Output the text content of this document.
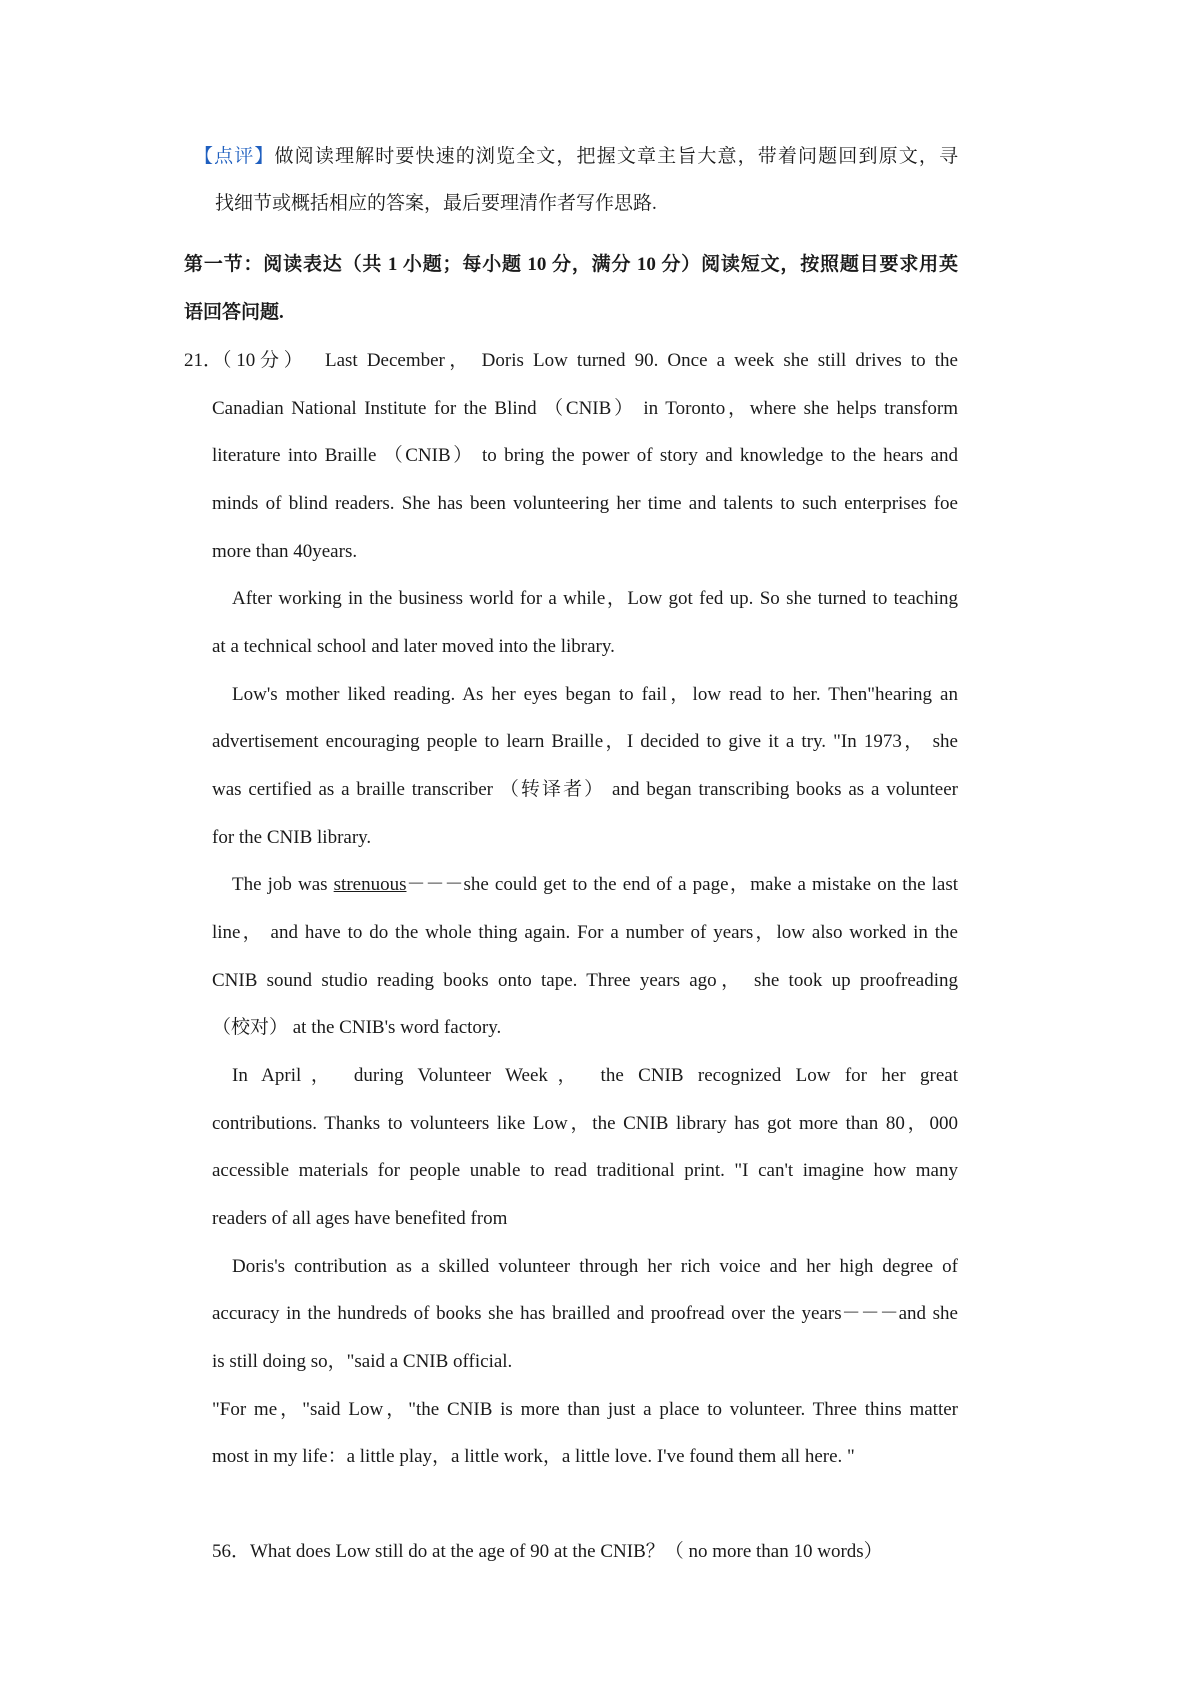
【点评】做阅读理解时要快速的浏览全文，把握文章主旨大意，带着问题回到原文，寻
找细节或概括相应的答案，最后要理清作者写作思路.
第一节：阅读表达（共 1 小题；每小题 10 分，满分 10 分）阅读短文，按照题目要求用英
语回答问题.
21．（ 10 分 ） Last December， Doris Low turned 90. Once a week she still drives to the
Canadian National Institute for the Blind （CNIB） in Toronto，where she helps transform
literature into Braille （CNIB） to bring the power of story and knowledge to the hears and
minds of blind readers. She has been volunteering her time and talents to such enterprises foe
more than 40years.
After working in the business world for a while，Low got fed up. So she turned to teaching
at a technical school and later moved into the library.
Low's mother liked reading. As her eyes began to fail，low read to her. Then"hearing an
advertisement encouraging people to learn Braille，I decided to give it a try. "In 1973， she
was certified as a braille transcriber （转译者） and began transcribing books as a volunteer
for the CNIB library.
The job was strenuous－－－she could get to the end of a page，make a mistake on the last
line， and have to do the whole thing again. For a number of years，low also worked in the
CNIB sound studio reading books onto tape. Three years ago， she took up proofreading
（校对） at the CNIB's word factory.
In April， during Volunteer Week， the CNIB recognized Low for her great
contributions. Thanks to volunteers like Low，the CNIB library has got more than 80，000
accessible materials for people unable to read traditional print. "I can't imagine how many
readers of all ages have benefited from
Doris's contribution as a skilled volunteer through her rich voice and her high degree of
accuracy in the hundreds of books she has brailled and proofread over the years－－－and she
is still doing so，"said a CNIB official.
"For me，"said Low，"the CNIB is more than just a place to volunteer. Three thins matter
most in my life：a little play，a little work，a little love. I've found them all here. "
56．What does Low still do at the age of 90 at the CNIB？（ no more than 10 words）
